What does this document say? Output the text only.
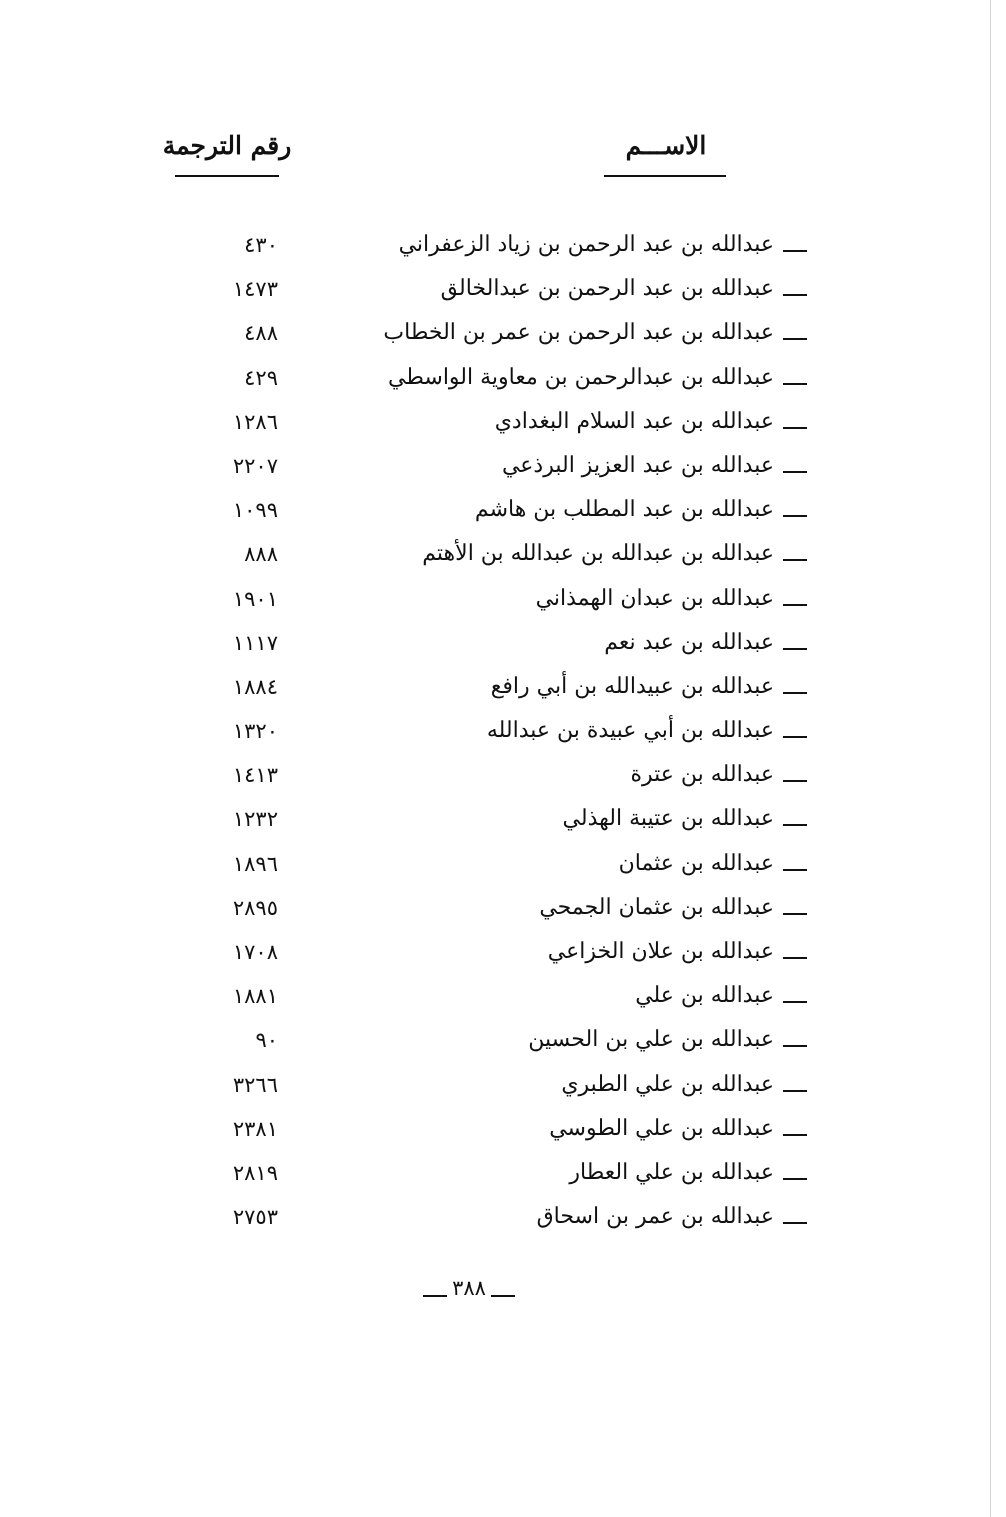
الاســـم
رقم الترجمة
عبدالله بن عبد الرحمن بن زياد الزعفراني
٤٣٠
عبدالله بن عبد الرحمن بن عبدالخالق
١٤٧٣
عبدالله بن عبد الرحمن بن عمر بن الخطاب
٤٨٨
عبدالله بن عبدالرحمن بن معاوية الواسطي
٤٢٩
عبدالله بن عبد السلام البغدادي
١٢٨٦
عبدالله بن عبد العزيز البرذعي
٢٢٠٧
عبدالله بن عبد المطلب بن هاشم
١٠٩٩
عبدالله بن عبدالله بن عبدالله بن الأهتم
٨٨٨
عبدالله بن عبدان الهمذاني
١٩٠١
عبدالله بن عبد نعم
١١١٧
عبدالله بن عبيدالله بن أبي رافع
١٨٨٤
عبدالله بن أبي عبيدة بن عبدالله
١٣٢٠
عبدالله بن عترة
١٤١٣
عبدالله بن عتيبة الهذلي
١٢٣٢
عبدالله بن عثمان
١٨٩٦
عبدالله بن عثمان الجمحي
٢٨٩٥
عبدالله بن علان الخزاعي
١٧٠٨
عبدالله بن علي
١٨٨١
عبدالله بن علي بن الحسين
٩٠
عبدالله بن علي الطبري
٣٢٦٦
عبدالله بن علي الطوسي
٢٣٨١
عبدالله بن علي العطار
٢٨١٩
عبدالله بن عمر بن اسحاق
٢٧٥٣
٣٨٨
